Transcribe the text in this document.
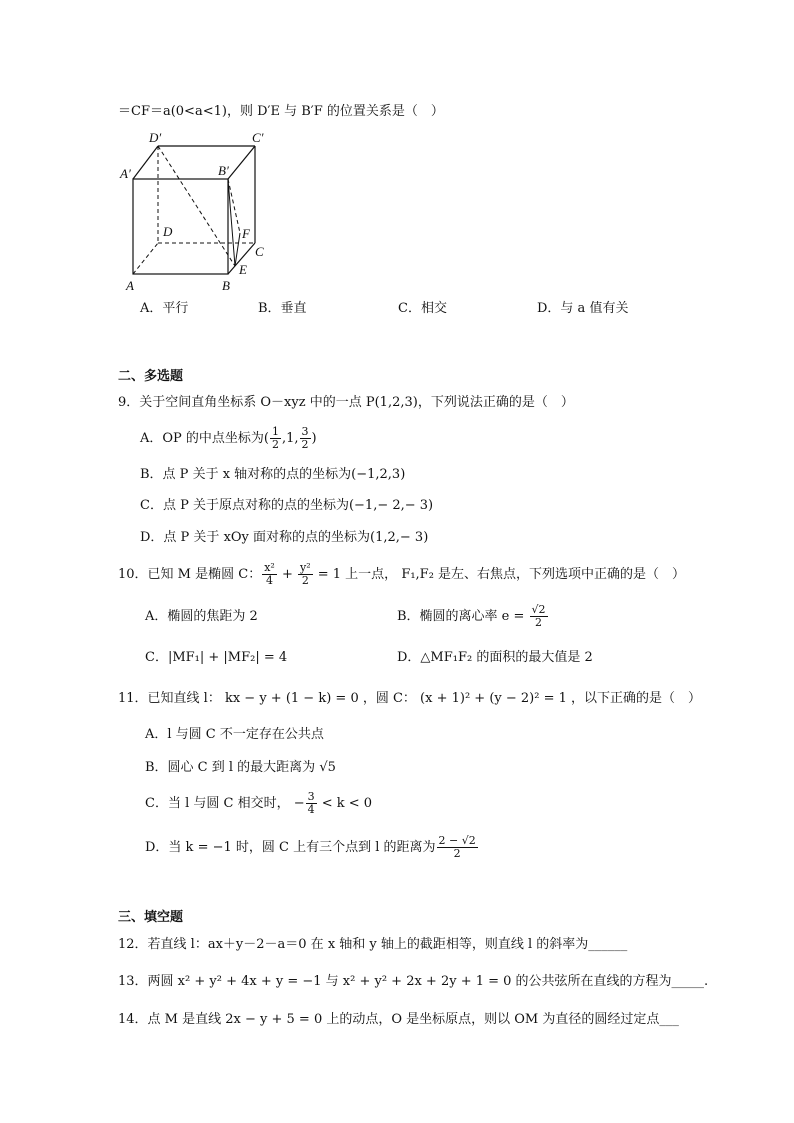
＝CF＝a(0<a<1)，则 D′E 与 B′F 的位置关系是（　）
D′	C′
A′	B′
D	F
C
E
A	B
A．平行	B．垂直	C．相交	D．与 a 值有关
二、多选题
9．关于空间直角坐标系 O－xyz 中的一点 P(1,2,3)，下列说法正确的是（　）
A．OP 的中点坐标为( $\frac{1}{2} ,1$, $\frac{3}{2}$ )
B．点 P 关于 x 轴对称的点的坐标为(−1,2,3)
C．点 P 关于原点对称的点的坐标为(−1,− 2,− 3)
D．点 P 关于 xOy 面对称的点的坐标为(1,2,− 3)
10．已知 M 是椭圆 C： $\frac{\text{x²}}{4} + \frac{\text{y²}}{2} = 1$ 上一点， F₁,F₂ 是左、右焦点，下列选项中正确的是（　）
A．椭圆的焦距为 2	B．椭圆的离心率 $e = \frac{√2}{2}$
C．|MF₁| + |MF₂| = 4	D．△MF₁F₂ 的面积的最大值是 2
11．已知直线 l： kx − y + (1 − k) = 0 ，圆 C： (x + 1)² + (y − 2)² = 1 ，以下正确的是（　）
A．l 与圆 C 不一定存在公共点
B．圆心 C 到 l 的最大距离为 √5
C．当 l 与圆 C 相交时， − $\frac{3}{4} < k < 0$
D．当 k = −1 时，圆 C 上有三个点到 l 的距离为 $\frac{2 - √2}{2}$
三、填空题
12．若直线 l：ax＋y－2－a＝0 在 x 轴和 y 轴上的截距相等，则直线 l 的斜率为______
13．两圆 x² + y² + 4x + y = −1 与 x² + y² + 2x + 2y + 1 = 0 的公共弦所在直线的方程为_____.
14．点 M 是直线 2x − y + 5 = 0 上的动点，O 是坐标原点，则以 OM 为直径的圆经过定点___
